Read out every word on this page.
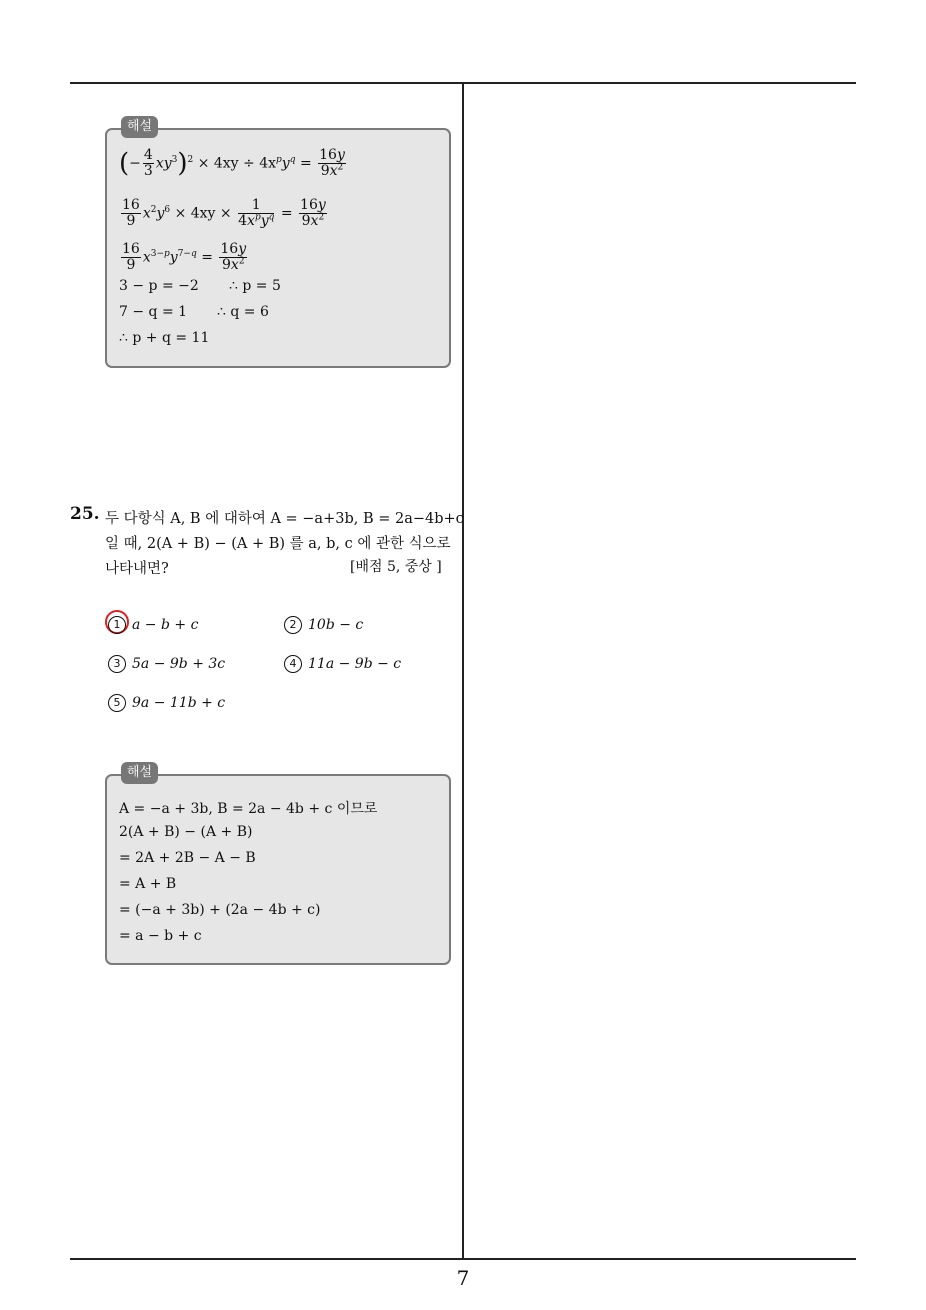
해설
(− $\frac{4}{3} xy^3)^2 \times 4xy \div 4x^py^q = \frac{16y}{9x^2}$
$\frac{16}{9} x^2y^6 \times 4xy \times \frac{1}{4x^py^q} = \frac{16y}{9x^2}$
$\frac{16}{9} x^{3-p}y^{7-q} = \frac{16y}{9x^2}$
3 − p = −2 ∴ p = 5
7 − q = 1 ∴ q = 6
∴ p + q = 11
25. 두 다항식 A, B 에 대하여 A = −a+3b, B = 2a−4b+c
일 때, 2(A + B) − (A + B) 를 a, b, c 에 관한 식으로
나타내면?	[배점 5, 중상 ]
1 a − b + c	2 10b − c
3 5a − 9b + 3c	4 11a − 9b − c
5 9a − 11b + c
해설
A = −a + 3b, B = 2a − 4b + c 이므로
2(A + B) − (A + B)
= 2A + 2B − A − B
= A + B
= (−a + 3b) + (2a − 4b + c)
= a − b + c
7
